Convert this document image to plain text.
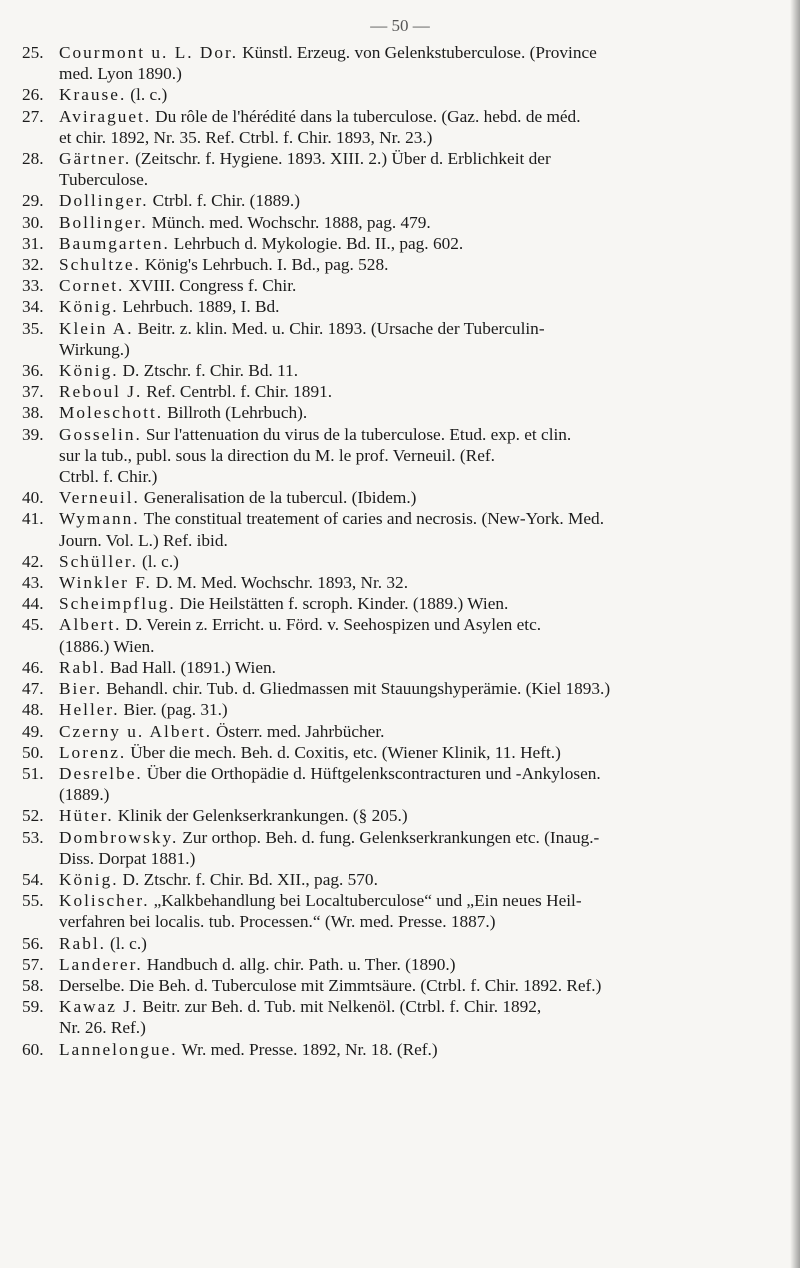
— 50 —
25. Courmont u. L. Dor. Künstl. Erzeug. von Gelenkstuberculose. (Province
med. Lyon 1890.)
26. Krause. (l. c.)
27. Aviraguet. Du rôle de l'hérédité dans la tuberculose. (Gaz. hebd. de méd.
et chir. 1892, Nr. 35. Ref. Ctrbl. f. Chir. 1893, Nr. 23.)
28. Gärtner. (Zeitschr. f. Hygiene. 1893. XIII. 2.) Über d. Erblichkeit der
Tuberculose.
29. Dollinger. Ctrbl. f. Chir. (1889.)
30. Bollinger. Münch. med. Wochschr. 1888, pag. 479.
31. Baumgarten. Lehrbuch d. Mykologie. Bd. II., pag. 602.
32. Schultze. König's Lehrbuch. I. Bd., pag. 528.
33. Cornet. XVIII. Congress f. Chir.
34. König. Lehrbuch. 1889, I. Bd.
35. Klein A. Beitr. z. klin. Med. u. Chir. 1893. (Ursache der Tuberculin-
Wirkung.)
36. König. D. Ztschr. f. Chir. Bd. 11.
37. Reboul J. Ref. Centrbl. f. Chir. 1891.
38. Moleschott. Billroth (Lehrbuch).
39. Gosselin. Sur l'attenuation du virus de la tuberculose. Etud. exp. et clin.
sur la tub., publ. sous la direction du M. le prof. Verneuil. (Ref.
Ctrbl. f. Chir.)
40. Verneuil. Generalisation de la tubercul. (Ibidem.)
41. Wymann. The constitual treatement of caries and necrosis. (New-York. Med.
Journ. Vol. L.) Ref. ibid.
42. Schüller. (l. c.)
43. Winkler F. D. M. Med. Wochschr. 1893, Nr. 32.
44. Scheimpflug. Die Heilstätten f. scroph. Kinder. (1889.) Wien.
45. Albert. D. Verein z. Erricht. u. Förd. v. Seehospizen und Asylen etc.
(1886.) Wien.
46. Rabl. Bad Hall. (1891.) Wien.
47. Bier. Behandl. chir. Tub. d. Gliedmassen mit Stauungshyperämie. (Kiel 1893.)
48. Heller. Bier. (pag. 31.)
49. Czerny u. Albert. Österr. med. Jahrbücher.
50. Lorenz. Über die mech. Beh. d. Coxitis, etc. (Wiener Klinik, 11. Heft.)
51. Desrelbe. Über die Orthopädie d. Hüftgelenkscontracturen und -Ankylosen.
(1889.)
52. Hüter. Klinik der Gelenkserkrankungen. (§ 205.)
53. Dombrowsky. Zur orthop. Beh. d. fung. Gelenkserkrankungen etc. (Inaug.-
Diss. Dorpat 1881.)
54. König. D. Ztschr. f. Chir. Bd. XII., pag. 570.
55. Kolischer. „Kalkbehandlung bei Localtuberculose“ und „Ein neues Heil-
verfahren bei localis. tub. Processen.“ (Wr. med. Presse. 1887.)
56. Rabl. (l. c.)
57. Landerer. Handbuch d. allg. chir. Path. u. Ther. (1890.)
58. Derselbe. Die Beh. d. Tuberculose mit Zimmtsäure. (Ctrbl. f. Chir. 1892. Ref.)
59. Kawaz J. Beitr. zur Beh. d. Tub. mit Nelkenöl. (Ctrbl. f. Chir. 1892,
Nr. 26. Ref.)
60. Lannelongue. Wr. med. Presse. 1892, Nr. 18. (Ref.)
